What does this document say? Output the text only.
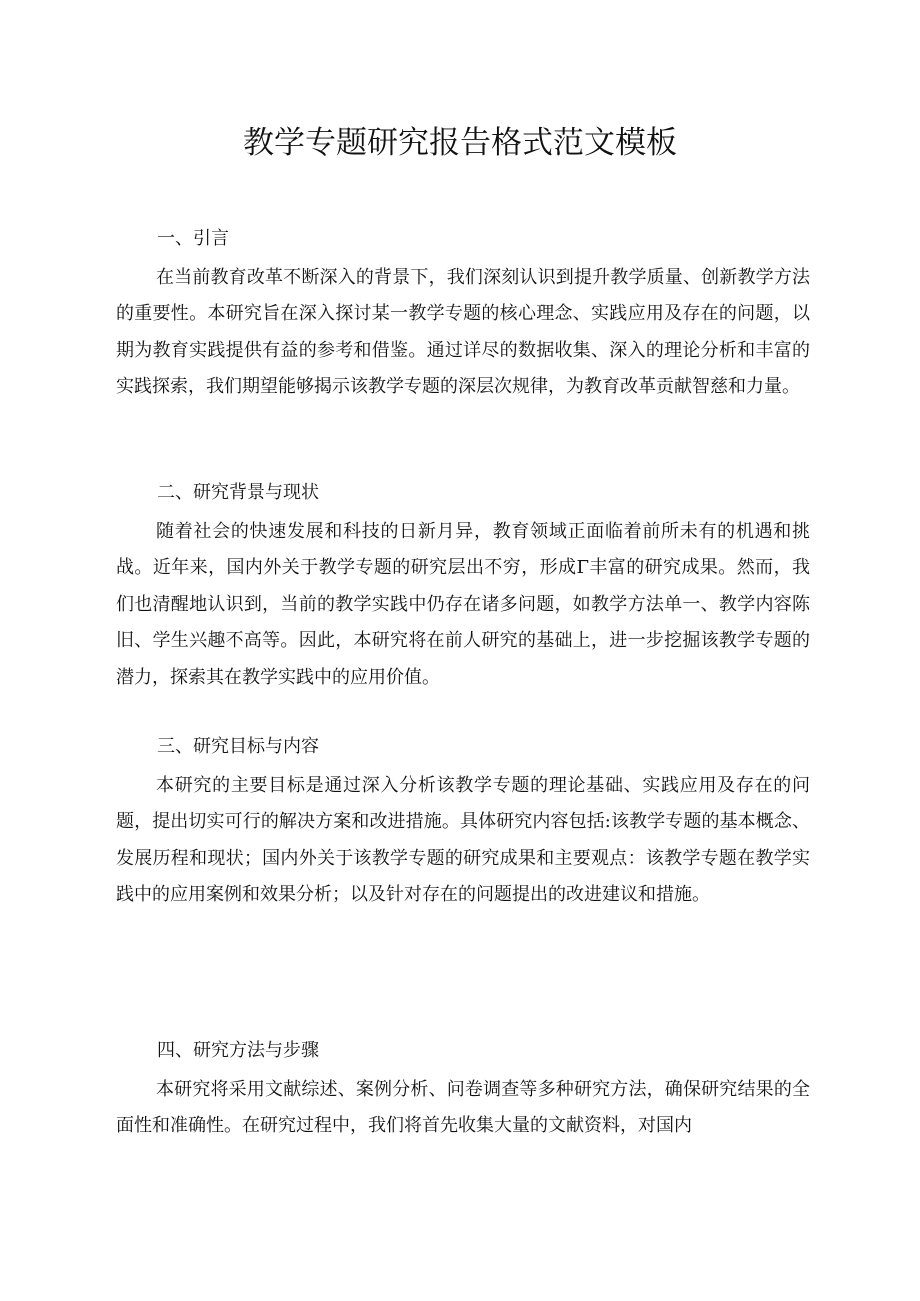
教学专题研究报告格式范文模板
一、引言

在当前教育改革不断深入的背景下，我们深刻认识到提升教学质量、创新教学方法的重要性。本研究旨在深入探讨某一教学专题的核心理念、实践应用及存在的问题，以期为教育实践提供有益的参考和借鉴。通过详尽的数据收集、深入的理论分析和丰富的实践探索，我们期望能够揭示该教学专题的深层次规律，为教育改革贡献智慈和力量。

二、研究背景与现状

随着社会的快速发展和科技的日新月异，教育领域正面临着前所未有的机遇和挑战。近年来，国内外关于教学专题的研究层出不穷，形成Γ丰富的研究成果。然而，我们也清醒地认识到，当前的教学实践中仍存在诸多问题，如教学方法单一、教学内容陈旧、学生兴趣不高等。因此，本研究将在前人研究的基础上，进一步挖掘该教学专题的潜力，探索其在教学实践中的应用价值。

三、研究目标与内容

本研究的主要目标是通过深入分析该教学专题的理论基础、实践应用及存在的问题，提出切实可行的解决方案和改进措施。具体研究内容包括:该教学专题的基本概念、发展历程和现状；国内外关于该教学专题的研究成果和主要观点：该教学专题在教学实践中的应用案例和效果分析；以及针对存在的问题提出的改进建议和措施。

四、研究方法与步骤

本研究将采用文献综述、案例分析、问卷调查等多种研究方法，确保研究结果的全面性和准确性。在研究过程中，我们将首先收集大量的文献资料，对国内
